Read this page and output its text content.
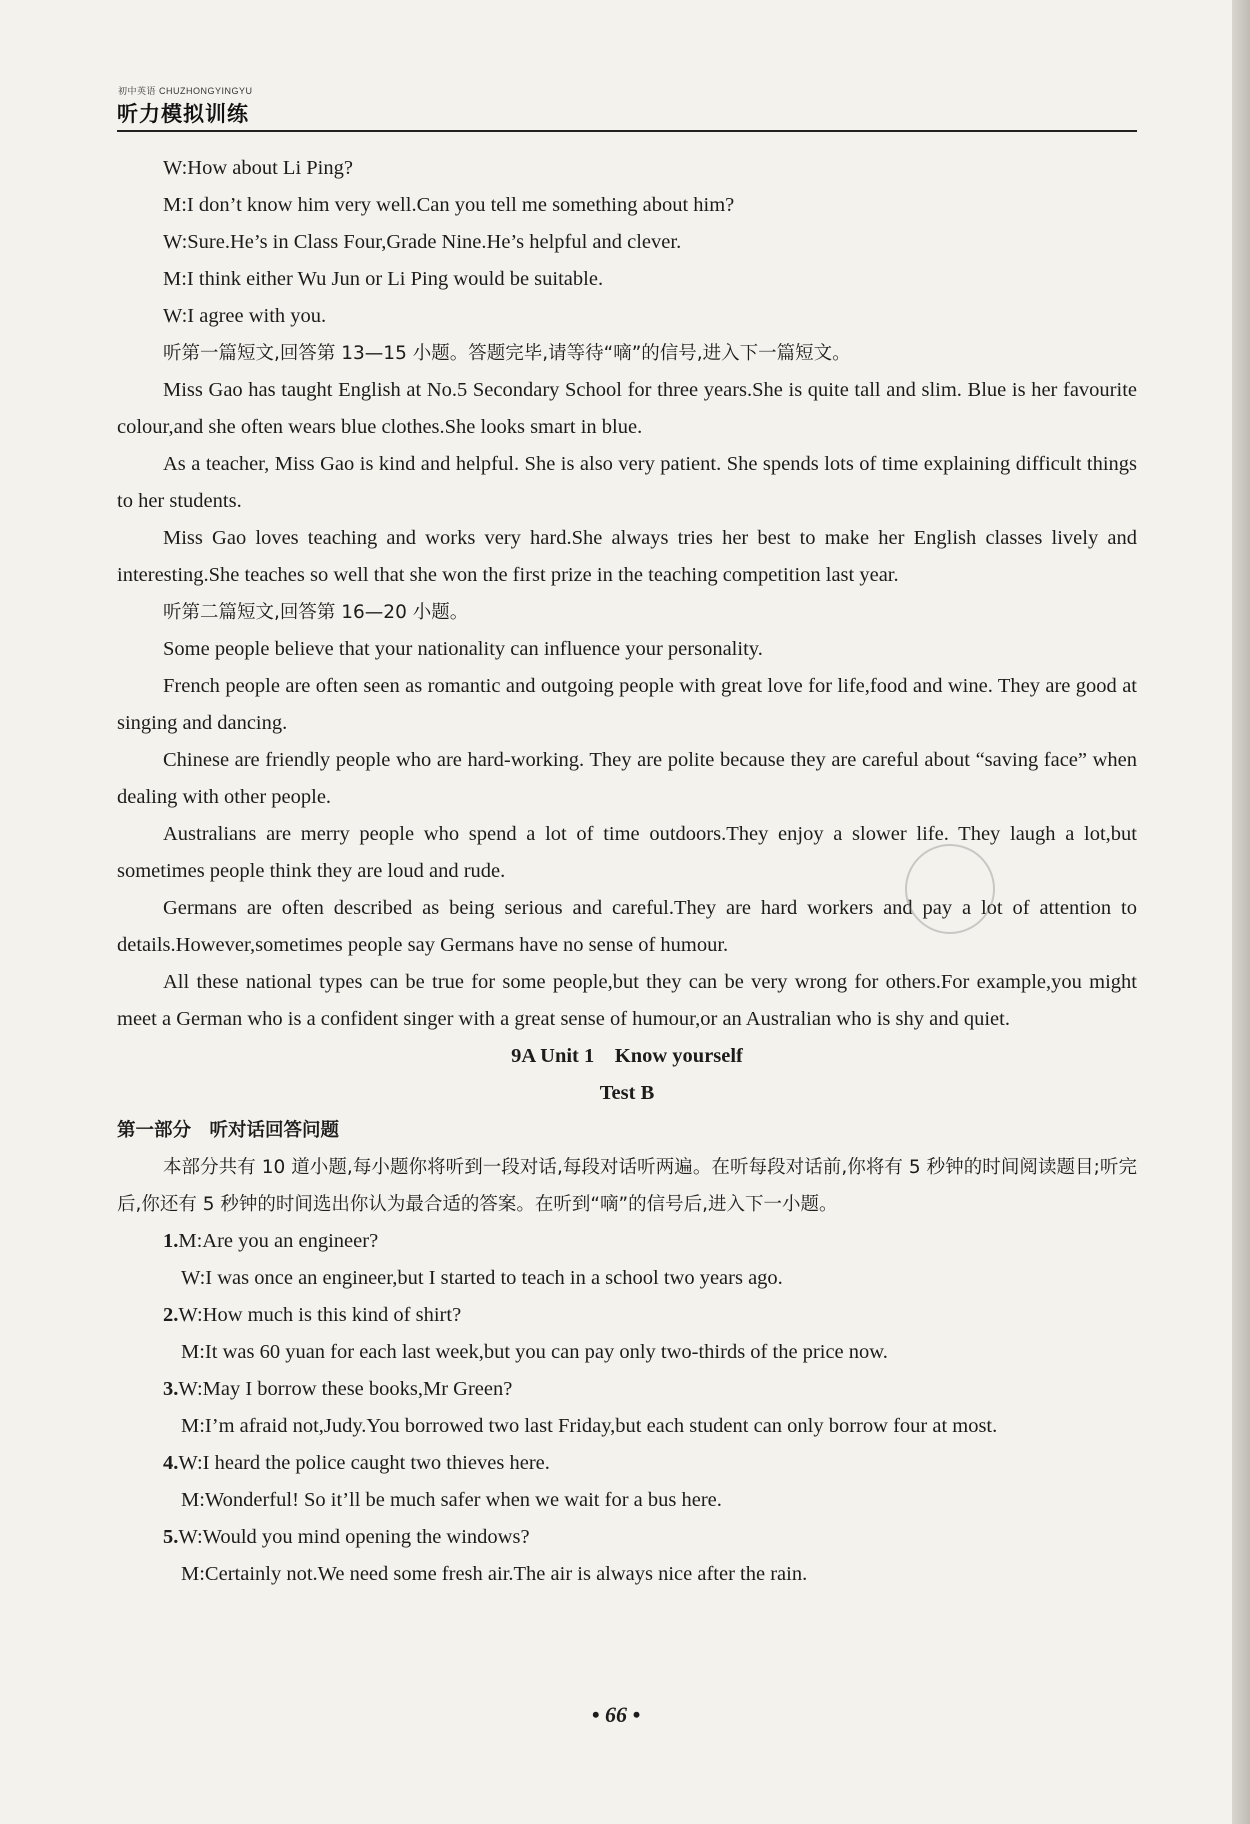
初中英语 CHUZHONGYINGYU
听力模拟训练

W:How about Li Ping?

M:I don’t know him very well.Can you tell me something about him?

W:Sure.He’s in Class Four,Grade Nine.He’s helpful and clever.

M:I think either Wu Jun or Li Ping would be suitable.

W:I agree with you.

听第一篇短文,回答第 13—15 小题。答题完毕,请等待“嘀”的信号,进入下一篇短文。

Miss Gao has taught English at No.5 Secondary School for three years.She is quite tall and slim. Blue is her favourite colour,and she often wears blue clothes.She looks smart in blue.

As a teacher, Miss Gao is kind and helpful. She is also very patient. She spends lots of time explaining difficult things to her students.

Miss Gao loves teaching and works very hard.She always tries her best to make her English classes lively and interesting.She teaches so well that she won the first prize in the teaching competition last year.

听第二篇短文,回答第 16—20 小题。

Some people believe that your nationality can influence your personality.

French people are often seen as romantic and outgoing people with great love for life,food and wine. They are good at singing and dancing.

Chinese are friendly people who are hard-working. They are polite because they are careful about “saving face” when dealing with other people.

Australians are merry people who spend a lot of time outdoors.They enjoy a slower life. They laugh a lot,but sometimes people think they are loud and rude.

Germans are often described as being serious and careful.They are hard workers and pay a lot of attention to details.However,sometimes people say Germans have no sense of humour.

All these national types can be true for some people,but they can be very wrong for others.For example,you might meet a German who is a confident singer with a great sense of humour,or an Australian who is shy and quiet.

9A Unit 1　Know yourself

Test B

第一部分　听对话回答问题

本部分共有 10 道小题,每小题你将听到一段对话,每段对话听两遍。在听每段对话前,你将有 5 秒钟的时间阅读题目;听完后,你还有 5 秒钟的时间选出你认为最合适的答案。在听到“嘀”的信号后,进入下一小题。

1.M:Are you an engineer?

W:I was once an engineer,but I started to teach in a school two years ago.

2.W:How much is this kind of shirt?

M:It was 60 yuan for each last week,but you can pay only two-thirds of the price now.

3.W:May I borrow these books,Mr Green?

M:I’m afraid not,Judy.You borrowed two last Friday,but each student can only borrow four at most.

4.W:I heard the police caught two thieves here.

M:Wonderful! So it’ll be much safer when we wait for a bus here.

5.W:Would you mind opening the windows?

M:Certainly not.We need some fresh air.The air is always nice after the rain.

• 66 •
